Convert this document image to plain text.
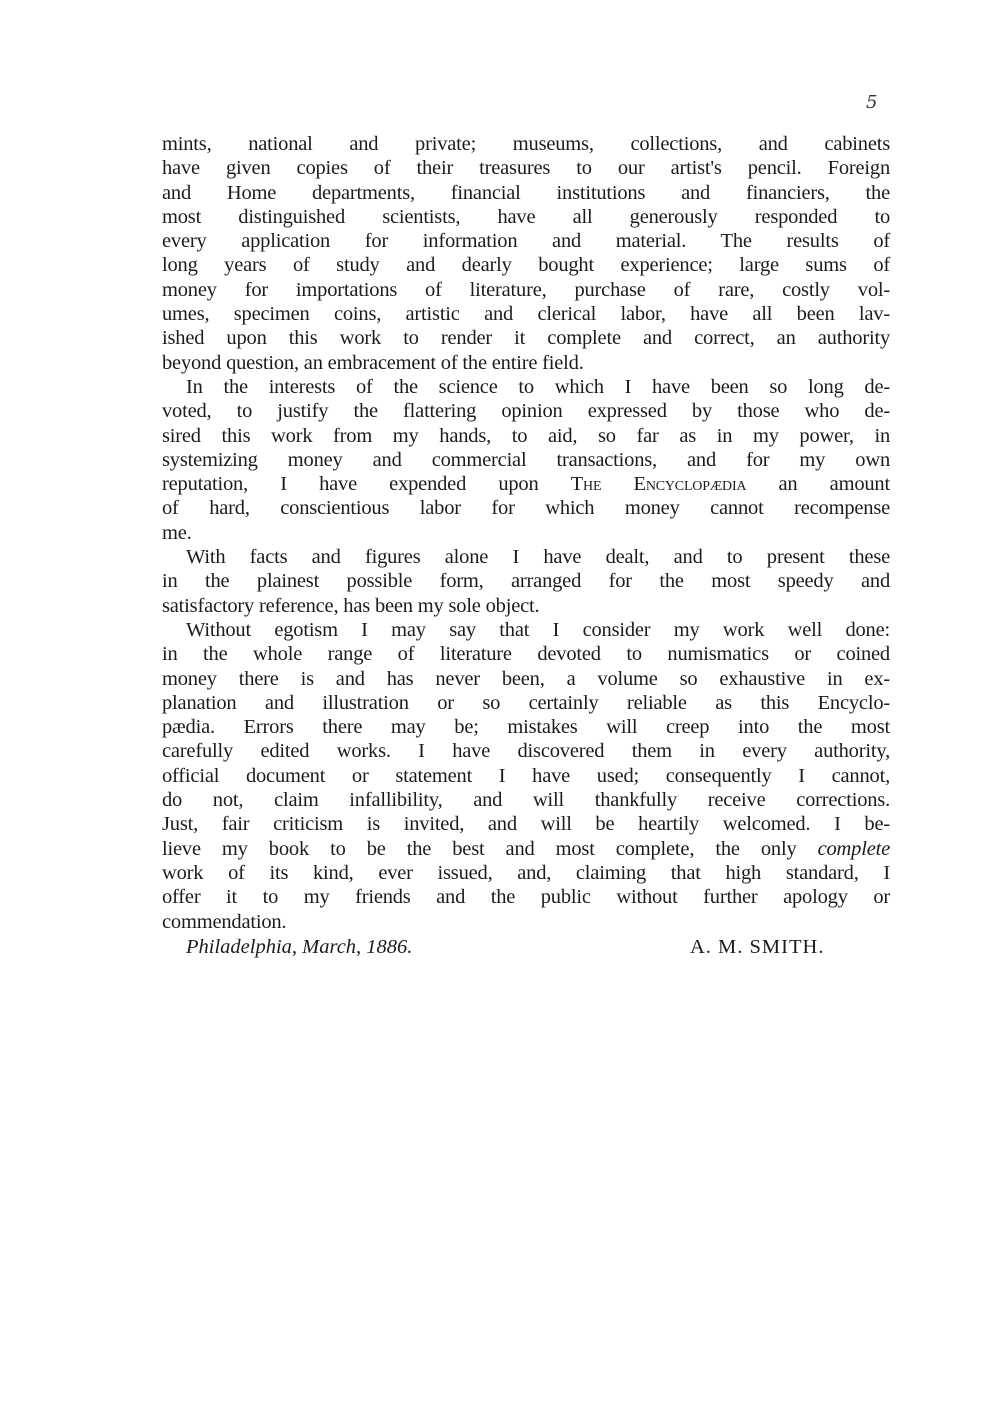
5
mints, national and private; museums, collections, and cabinets
have given copies of their treasures to our artist's pencil. Foreign
and Home departments, financial institutions and financiers, the
most distinguished scientists, have all generously responded to
every application for information and material. The results of
long years of study and dearly bought experience; large sums of
money for importations of literature, purchase of rare, costly vol-
umes, specimen coins, artistic and clerical labor, have all been lav-
ished upon this work to render it complete and correct, an authority
beyond question, an embracement of the entire field.
In the interests of the science to which I have been so long de-
voted, to justify the flattering opinion expressed by those who de-
sired this work from my hands, to aid, so far as in my power, in
systemizing money and commercial transactions, and for my own
reputation, I have expended upon The Encyclopædia an amount
of hard, conscientious labor for which money cannot recompense
me.
With facts and figures alone I have dealt, and to present these
in the plainest possible form, arranged for the most speedy and
satisfactory reference, has been my sole object.
Without egotism I may say that I consider my work well done:
in the whole range of literature devoted to numismatics or coined
money there is and has never been, a volume so exhaustive in ex-
planation and illustration or so certainly reliable as this Encyclo-
pædia. Errors there may be; mistakes will creep into the most
carefully edited works. I have discovered them in every authority,
official document or statement I have used; consequently I cannot,
do not, claim infallibility, and will thankfully receive corrections.
Just, fair criticism is invited, and will be heartily welcomed. I be-
lieve my book to be the best and most complete, the only complete
work of its kind, ever issued, and, claiming that high standard, I
offer it to my friends and the public without further apology or
commendation.
Philadelphia, March, 1886.	A. M. SMITH.
